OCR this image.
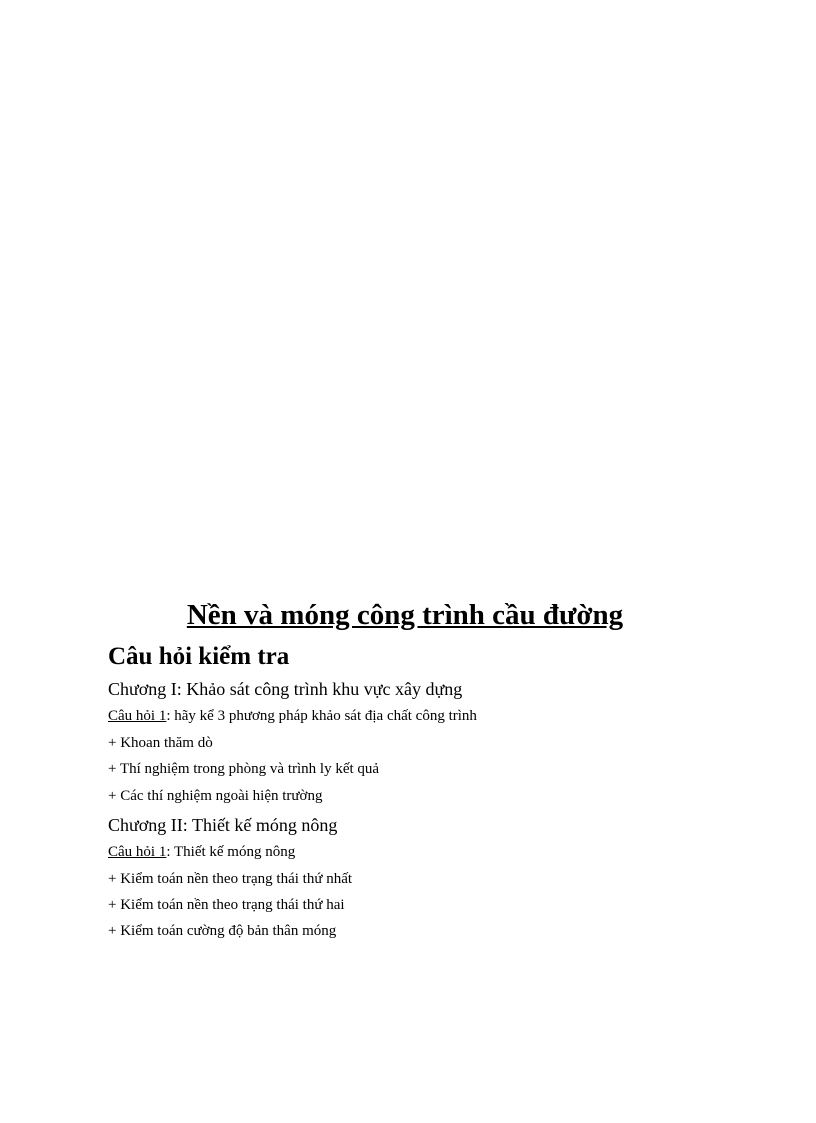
Nền và móng công trình cầu đường
Câu hỏi kiểm tra
Chương I: Khảo sát công trình khu vực xây dựng
Câu hỏi 1: hãy kể 3 phương pháp khảo sát địa chất công trình
+ Khoan thăm dò
+ Thí nghiệm trong phòng và trình ly kết quả
+ Các thí nghiệm ngoài hiện trường
Chương II: Thiết kế móng nông
Câu hỏi 1: Thiết kế móng nông
+ Kiểm toán nền theo trạng thái thứ nhất
+ Kiểm toán nền theo trạng thái thứ hai
+ Kiểm toán cường độ bản thân móng
